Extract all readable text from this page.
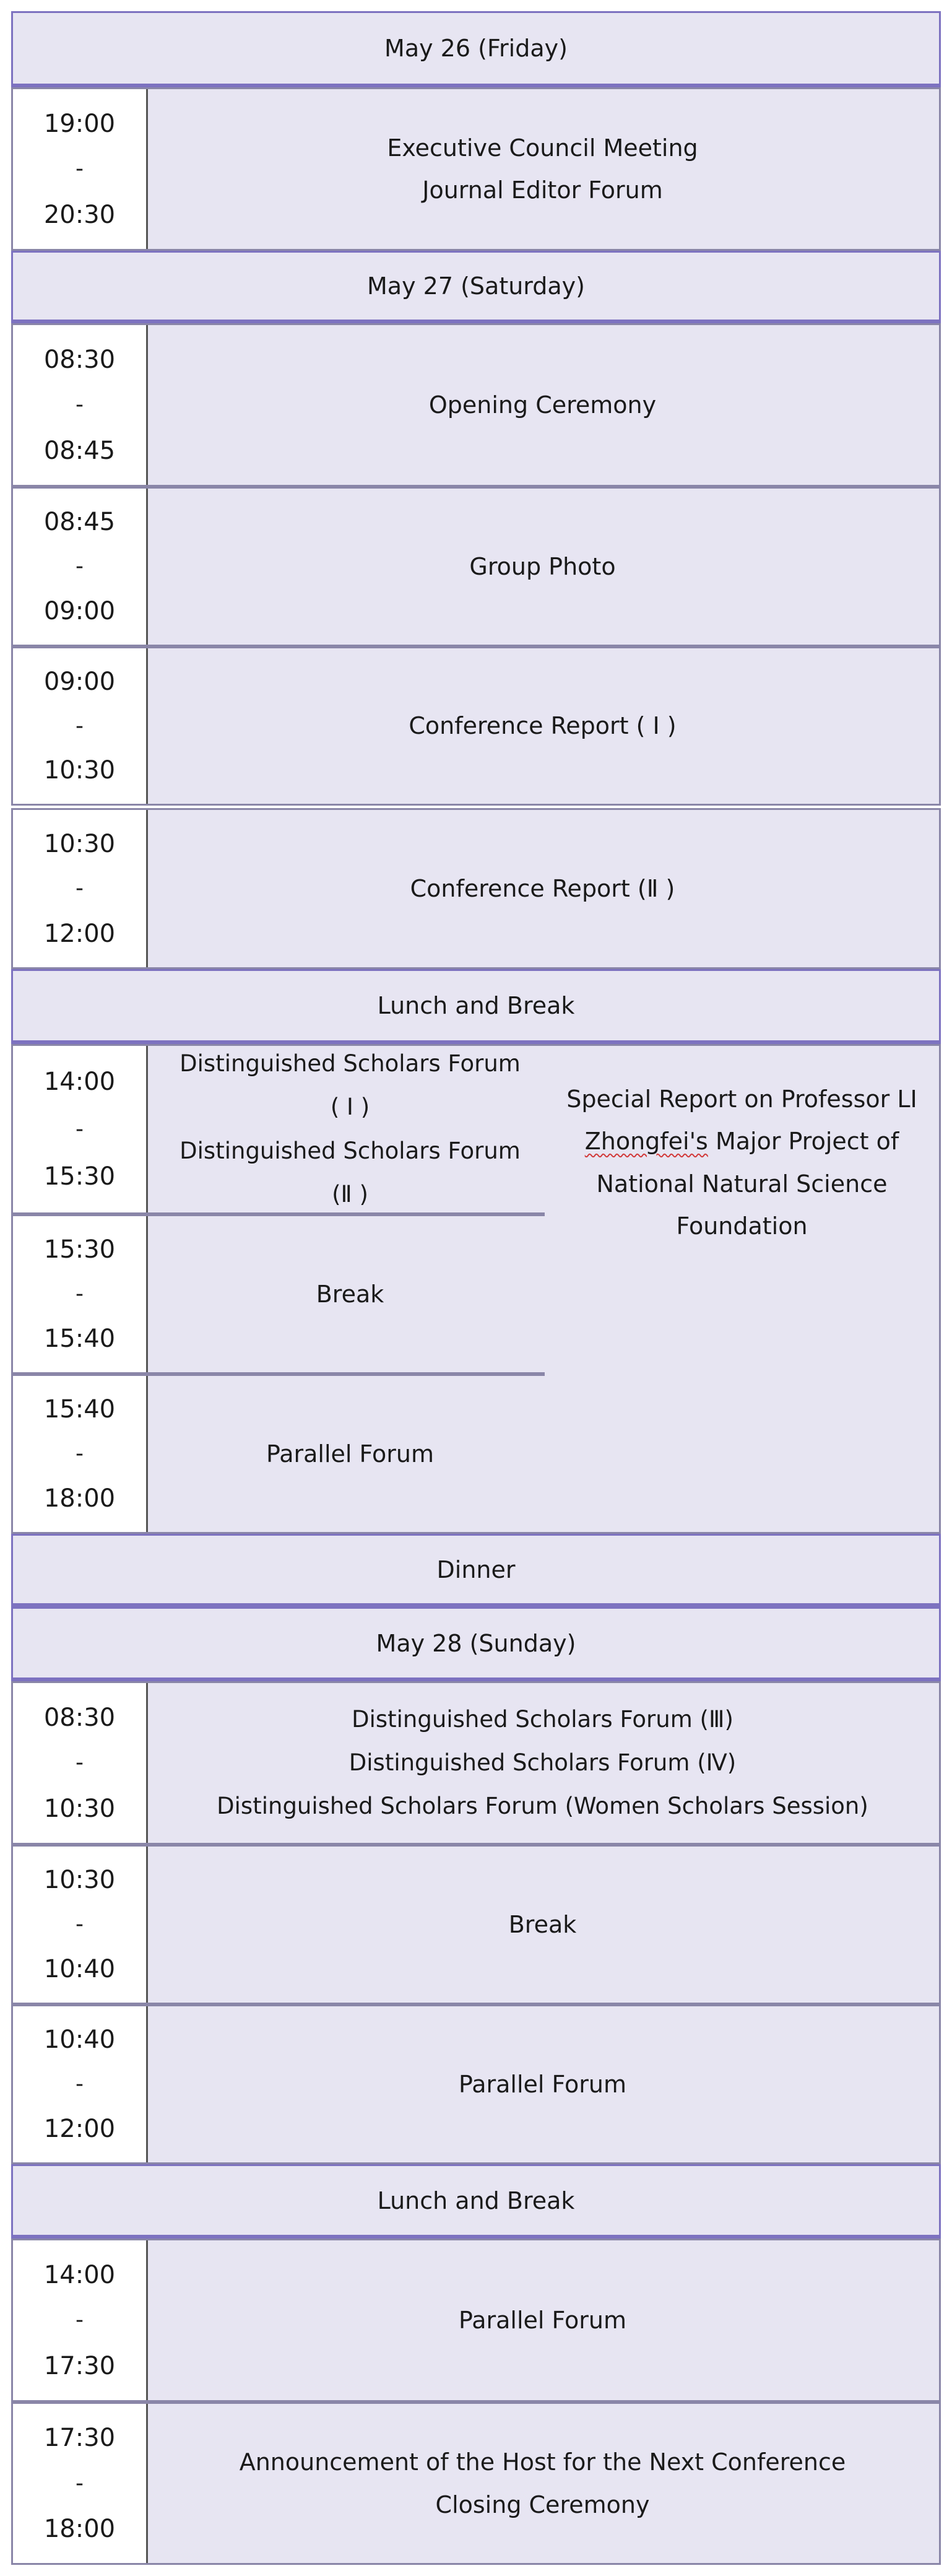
May 26 (Friday)
19:00
-
20:30
Executive Council Meeting
Journal Editor Forum
May 27 (Saturday)
08:30
-
08:45
Opening Ceremony
08:45
-
09:00
Group Photo
09:00
-
10:30
Conference Report ( Ⅰ )
10:30
-
12:00
Conference Report (Ⅱ )
Lunch and Break
14:00
-
15:30
Distinguished Scholars Forum
( Ⅰ )
Distinguished Scholars Forum
(Ⅱ )
15:30
-
15:40
Break
15:40
-
18:00
Parallel Forum
Special Report on Professor LI
Zhongfei's Major Project of
National Natural Science
Foundation
Dinner
May 28 (Sunday)
08:30
-
10:30
Distinguished Scholars Forum (Ⅲ)
Distinguished Scholars Forum (Ⅳ)
Distinguished Scholars Forum (Women Scholars Session)
10:30
-
10:40
Break
10:40
-
12:00
Parallel Forum
Lunch and Break
14:00
-
17:30
Parallel Forum
17:30
-
18:00
Announcement of the Host for the Next Conference
Closing Ceremony
